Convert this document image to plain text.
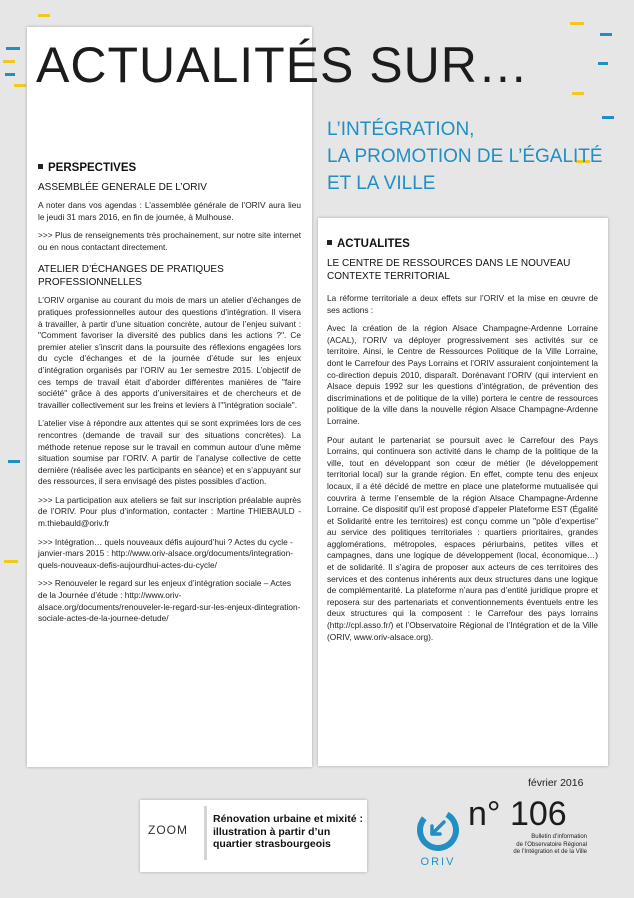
ACTUALITÉS SUR…
L’INTÉGRATION,
LA PROMOTION DE L’ÉGALITÉ
ET LA VILLE
PERSPECTIVES
ASSEMBLÉE GENERALE DE L’ORIV

A noter dans vos agendas : L’assemblée générale de l’ORIV aura lieu le jeudi 31 mars 2016, en fin de journée, à Mulhouse.

>>> Plus de renseignements très prochainement, sur notre site internet ou en nous contactant directement.

ATELIER D’ÉCHANGES DE PRATIQUES PROFESSIONNELLES

L’ORIV organise au courant du mois de mars un atelier d’échanges de pratiques professionnelles autour des questions d’intégration. Il visera à travailler, à partir d’une situation concrète, autour de l’enjeu suivant : "Comment favoriser la diversité des publics dans les actions ?". Ce premier atelier s’inscrit dans la poursuite des réflexions engagées lors du cycle d’échanges et de la journée d’étude sur les enjeux d’intégration organisés par l’ORIV au 1er semestre 2015. L’objectif de ces temps de travail était d’aborder différentes manières de "faire société" grâce à des apports d’universitaires et de chercheurs et de travailler collectivement sur les freins et leviers à l’"intégration sociale".

L’atelier vise à répondre aux attentes qui se sont exprimées lors de ces rencontres (demande de travail sur des situations concrètes). La méthode retenue repose sur le travail en commun autour d’une même situation soumise par l’ORIV. A partir de l’analyse collective de cette dernière (réalisée avec les participants en séance) et en s’appuyant sur des ressources, il sera envisagé des pistes possibles d’action.

>>> La participation aux ateliers se fait sur inscription préalable auprès de l’ORIV. Pour plus d’information, contacter : Martine THIEBAULD - m.thiebauld@oriv.fr

>>> Intégration… quels nouveaux défis aujourd’hui ? Actes du cycle - janvier-mars 2015 : http://www.oriv-alsace.org/documents/integration-quels-nouveaux-defis-aujourdhui-actes-du-cycle/

>>> Renouveler le regard sur les enjeux d’intégration sociale – Actes de la Journée d’étude : http://www.oriv-alsace.org/documents/renouveler-le-regard-sur-les-enjeux-dintegration-sociale-actes-de-la-journee-detude/

ACTUALITES
LE CENTRE DE RESSOURCES DANS LE NOUVEAU CONTEXTE TERRITORIAL

La réforme territoriale a deux effets sur l’ORIV et la mise en œuvre de ses actions :

Avec la création de la région Alsace Champagne-Ardenne Lorraine (ACAL), l’ORIV va déployer progressivement ses activités sur ce territoire. Ainsi, le Centre de Ressources Politique de la Ville Lorraine, dont le Carrefour des Pays Lorrains et l’ORIV assuraient conjointement la co-direction depuis 2010, disparaît. Dorénavant l’ORIV (qui intervient en Alsace depuis 1992 sur les questions d’intégration, de prévention des discriminations et de politique de la ville) portera le centre de ressources politique de la ville dans la nouvelle région Alsace Champagne-Ardenne Lorraine.

Pour autant le partenariat se poursuit avec le Carrefour des Pays Lorrains, qui continuera son activité dans le champ de la politique de la ville, tout en développant son cœur de métier (le développement territorial local) sur la grande région. En effet, compte tenu des enjeux locaux, il a été décidé de mettre en place une plateforme mutualisée qui couvrira à terme l’ensemble de la région Alsace Champagne-Ardenne Lorraine. Ce dispositif qu’il est proposé d’appeler Plateforme EST (Égalité et Solidarité entre les territoires) est conçu comme un "pôle d’expertise" au service des politiques territoriales : quartiers prioritaires, grandes agglomérations, métropoles, espaces périurbains, petites villes et campagnes, dans une logique de développement (local, économique…) et de solidarité. Il s’agira de proposer aux acteurs de ces territoires des services et des contenus inhérents aux deux structures dans une logique de complémentarité. La plateforme n’aura pas d’entité juridique propre et reposera sur des partenariats et conventionnements éventuels entre les deux structures qui la composent : le Carrefour des pays lorrains (http://cpl.asso.fr/) et l’Observatoire Régional de l’Intégration et de la Ville (ORIV, www.oriv-alsace.org).

ZOOM
Rénovation urbaine et mixité : illustration à partir d’un quartier strasbourgeois
février 2016
ORIV
n° 106
Bulletin d’information
de l’Observatoire Régional
de l’Intégration et de la Ville
